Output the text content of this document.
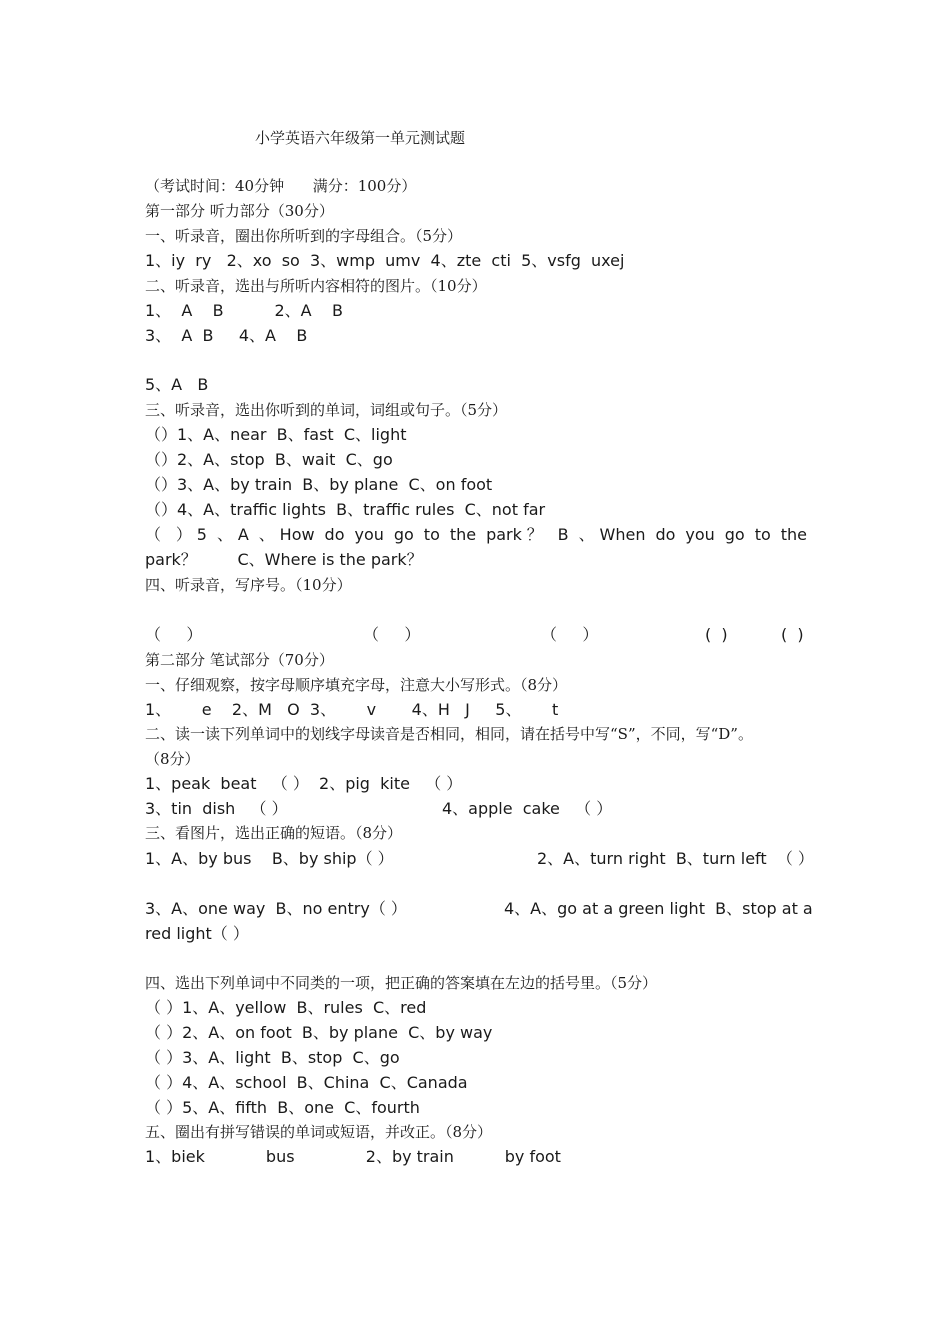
小学英语六年级第一单元测试题
（考试时间：40分钟      满分：100分）
第一部分 听力部分（30分）
一、听录音，圈出你所听到的字母组合。（5分）
1、iy  ry   2、xo  so  3、wmp  umv  4、zte  cti  5、vsfg  uxej
二、听录音，选出与所听内容相符的图片。（10分）
1、  A    B          2、A    B
3、  A  B     4、A    B
5、A   B
三、听录音，选出你听到的单词，词组或句子。（5分）
（）1、A、near  B、fast  C、light
（）2、A、stop  B、wait  C、go
（）3、A、by train  B、by plane  C、on foot
（）4、A、traffic lights  B、traffic rules  C、not far
（ ）5 、A 、How do you go to the park？ B 、When do you go to the
park？        C、Where is the park？
四、听录音，写序号。（10分）
（     ）	（     ）	（     ）	(  )	(  )
第二部分 笔试部分（70分）
一、仔细观察，按字母顺序填充字母，注意大小写形式。（8分）
1、      e    2、M   O  3、      v       4、H   J     5、      t
二、读一读下列单词中的划线字母读音是否相同，相同，请在括号中写“S”，不同，写“D”。
（8分）
1、peak  beat   （ ）  2、pig  kite   （ ）
3、tin  dish   （ ）	4、apple  cake   （ ）
三、看图片，选出正确的短语。（8分）
1、A、by bus    B、by ship（ ）	2、A、turn right  B、turn left  （ ）
3、A、one way  B、no entry（ ）	4、A、go at a green light  B、stop at a
red light（ ）
四、选出下列单词中不同类的一项，把正确的答案填在左边的括号里。（5分）
（ ）1、A、yellow  B、rules  C、red
（ ）2、A、on foot  B、by plane  C、by way
（ ）3、A、light  B、stop  C、go
（ ）4、A、school  B、China  C、Canada
（ ）5、A、fifth  B、one  C、fourth
五、圈出有拼写错误的单词或短语，并改正。（8分）
1、biek            bus              2、by train          by foot
